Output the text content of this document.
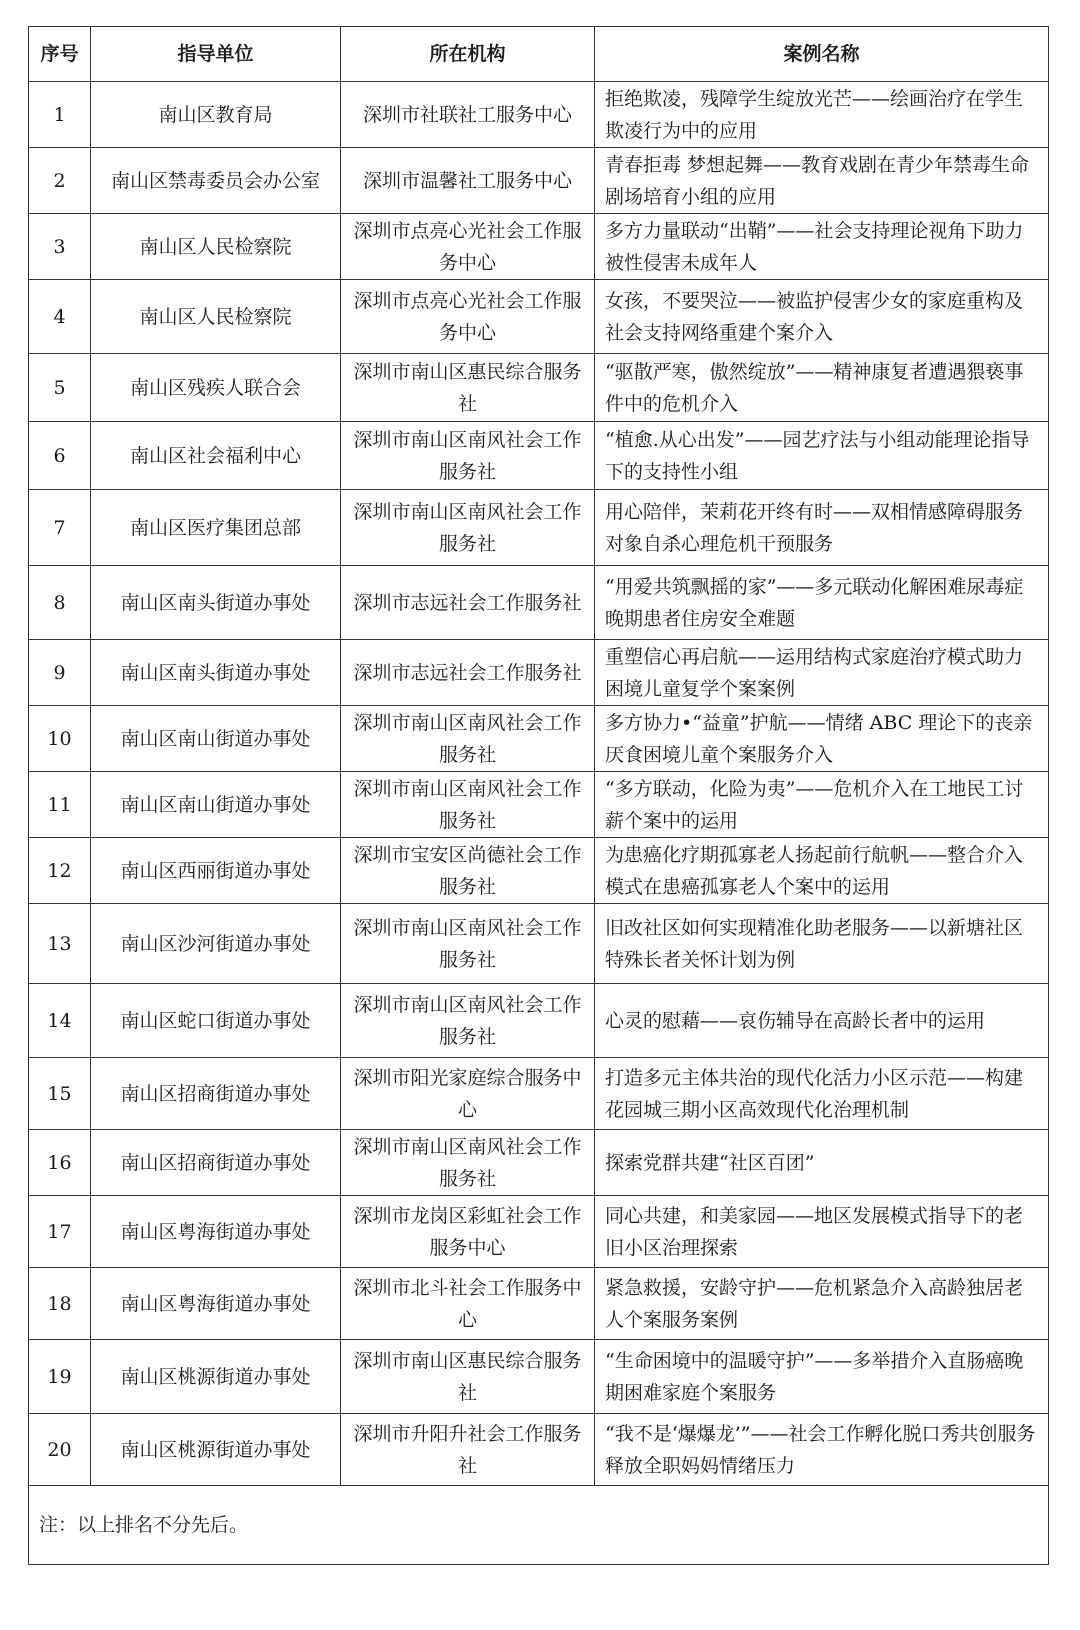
序号	指导单位	所在机构	案例名称
1	南山区教育局	深圳市社联社工服务中心	拒绝欺凌，残障学生绽放光芒——绘画治疗在学生欺凌行为中的应用
2	南山区禁毒委员会办公室	深圳市温馨社工服务中心	青春拒毒 梦想起舞——教育戏剧在青少年禁毒生命剧场培育小组的应用
3	南山区人民检察院	深圳市点亮心光社会工作服务中心	多方力量联动“出鞘”——社会支持理论视角下助力被性侵害未成年人
4	南山区人民检察院	深圳市点亮心光社会工作服务中心	女孩，不要哭泣——被监护侵害少女的家庭重构及社会支持网络重建个案介入
5	南山区残疾人联合会	深圳市南山区惠民综合服务社	“驱散严寒，傲然绽放”——精神康复者遭遇猥亵事件中的危机介入
6	南山区社会福利中心	深圳市南山区南风社会工作服务社	“植愈.从心出发”——园艺疗法与小组动能理论指导下的支持性小组
7	南山区医疗集团总部	深圳市南山区南风社会工作服务社	用心陪伴，茉莉花开终有时——双相情感障碍服务对象自杀心理危机干预服务
8	南山区南头街道办事处	深圳市志远社会工作服务社	“用爱共筑飘摇的家”——多元联动化解困难尿毒症晚期患者住房安全难题
9	南山区南头街道办事处	深圳市志远社会工作服务社	重塑信心再启航——运用结构式家庭治疗模式助力困境儿童复学个案案例
10	南山区南山街道办事处	深圳市南山区南风社会工作服务社	多方协力•“益童”护航——情绪 ABC 理论下的丧亲厌食困境儿童个案服务介入
11	南山区南山街道办事处	深圳市南山区南风社会工作服务社	“多方联动，化险为夷”——危机介入在工地民工讨薪个案中的运用
12	南山区西丽街道办事处	深圳市宝安区尚德社会工作服务社	为患癌化疗期孤寡老人扬起前行航帆——整合介入模式在患癌孤寡老人个案中的运用
13	南山区沙河街道办事处	深圳市南山区南风社会工作服务社	旧改社区如何实现精准化助老服务——以新塘社区特殊长者关怀计划为例
14	南山区蛇口街道办事处	深圳市南山区南风社会工作服务社	心灵的慰藉——哀伤辅导在高龄长者中的运用
15	南山区招商街道办事处	深圳市阳光家庭综合服务中心	打造多元主体共治的现代化活力小区示范——构建花园城三期小区高效现代化治理机制
16	南山区招商街道办事处	深圳市南山区南风社会工作服务社	探索党群共建“社区百团”
17	南山区粤海街道办事处	深圳市龙岗区彩虹社会工作服务中心	同心共建，和美家园——地区发展模式指导下的老旧小区治理探索
18	南山区粤海街道办事处	深圳市北斗社会工作服务中心	紧急救援，安龄守护——危机紧急介入高龄独居老人个案服务案例
19	南山区桃源街道办事处	深圳市南山区惠民综合服务社	“生命困境中的温暖守护”——多举措介入直肠癌晚期困难家庭个案服务
20	南山区桃源街道办事处	深圳市升阳升社会工作服务社	“我不是‘爆爆龙’”——社会工作孵化脱口秀共创服务释放全职妈妈情绪压力
注：以上排名不分先后。			
